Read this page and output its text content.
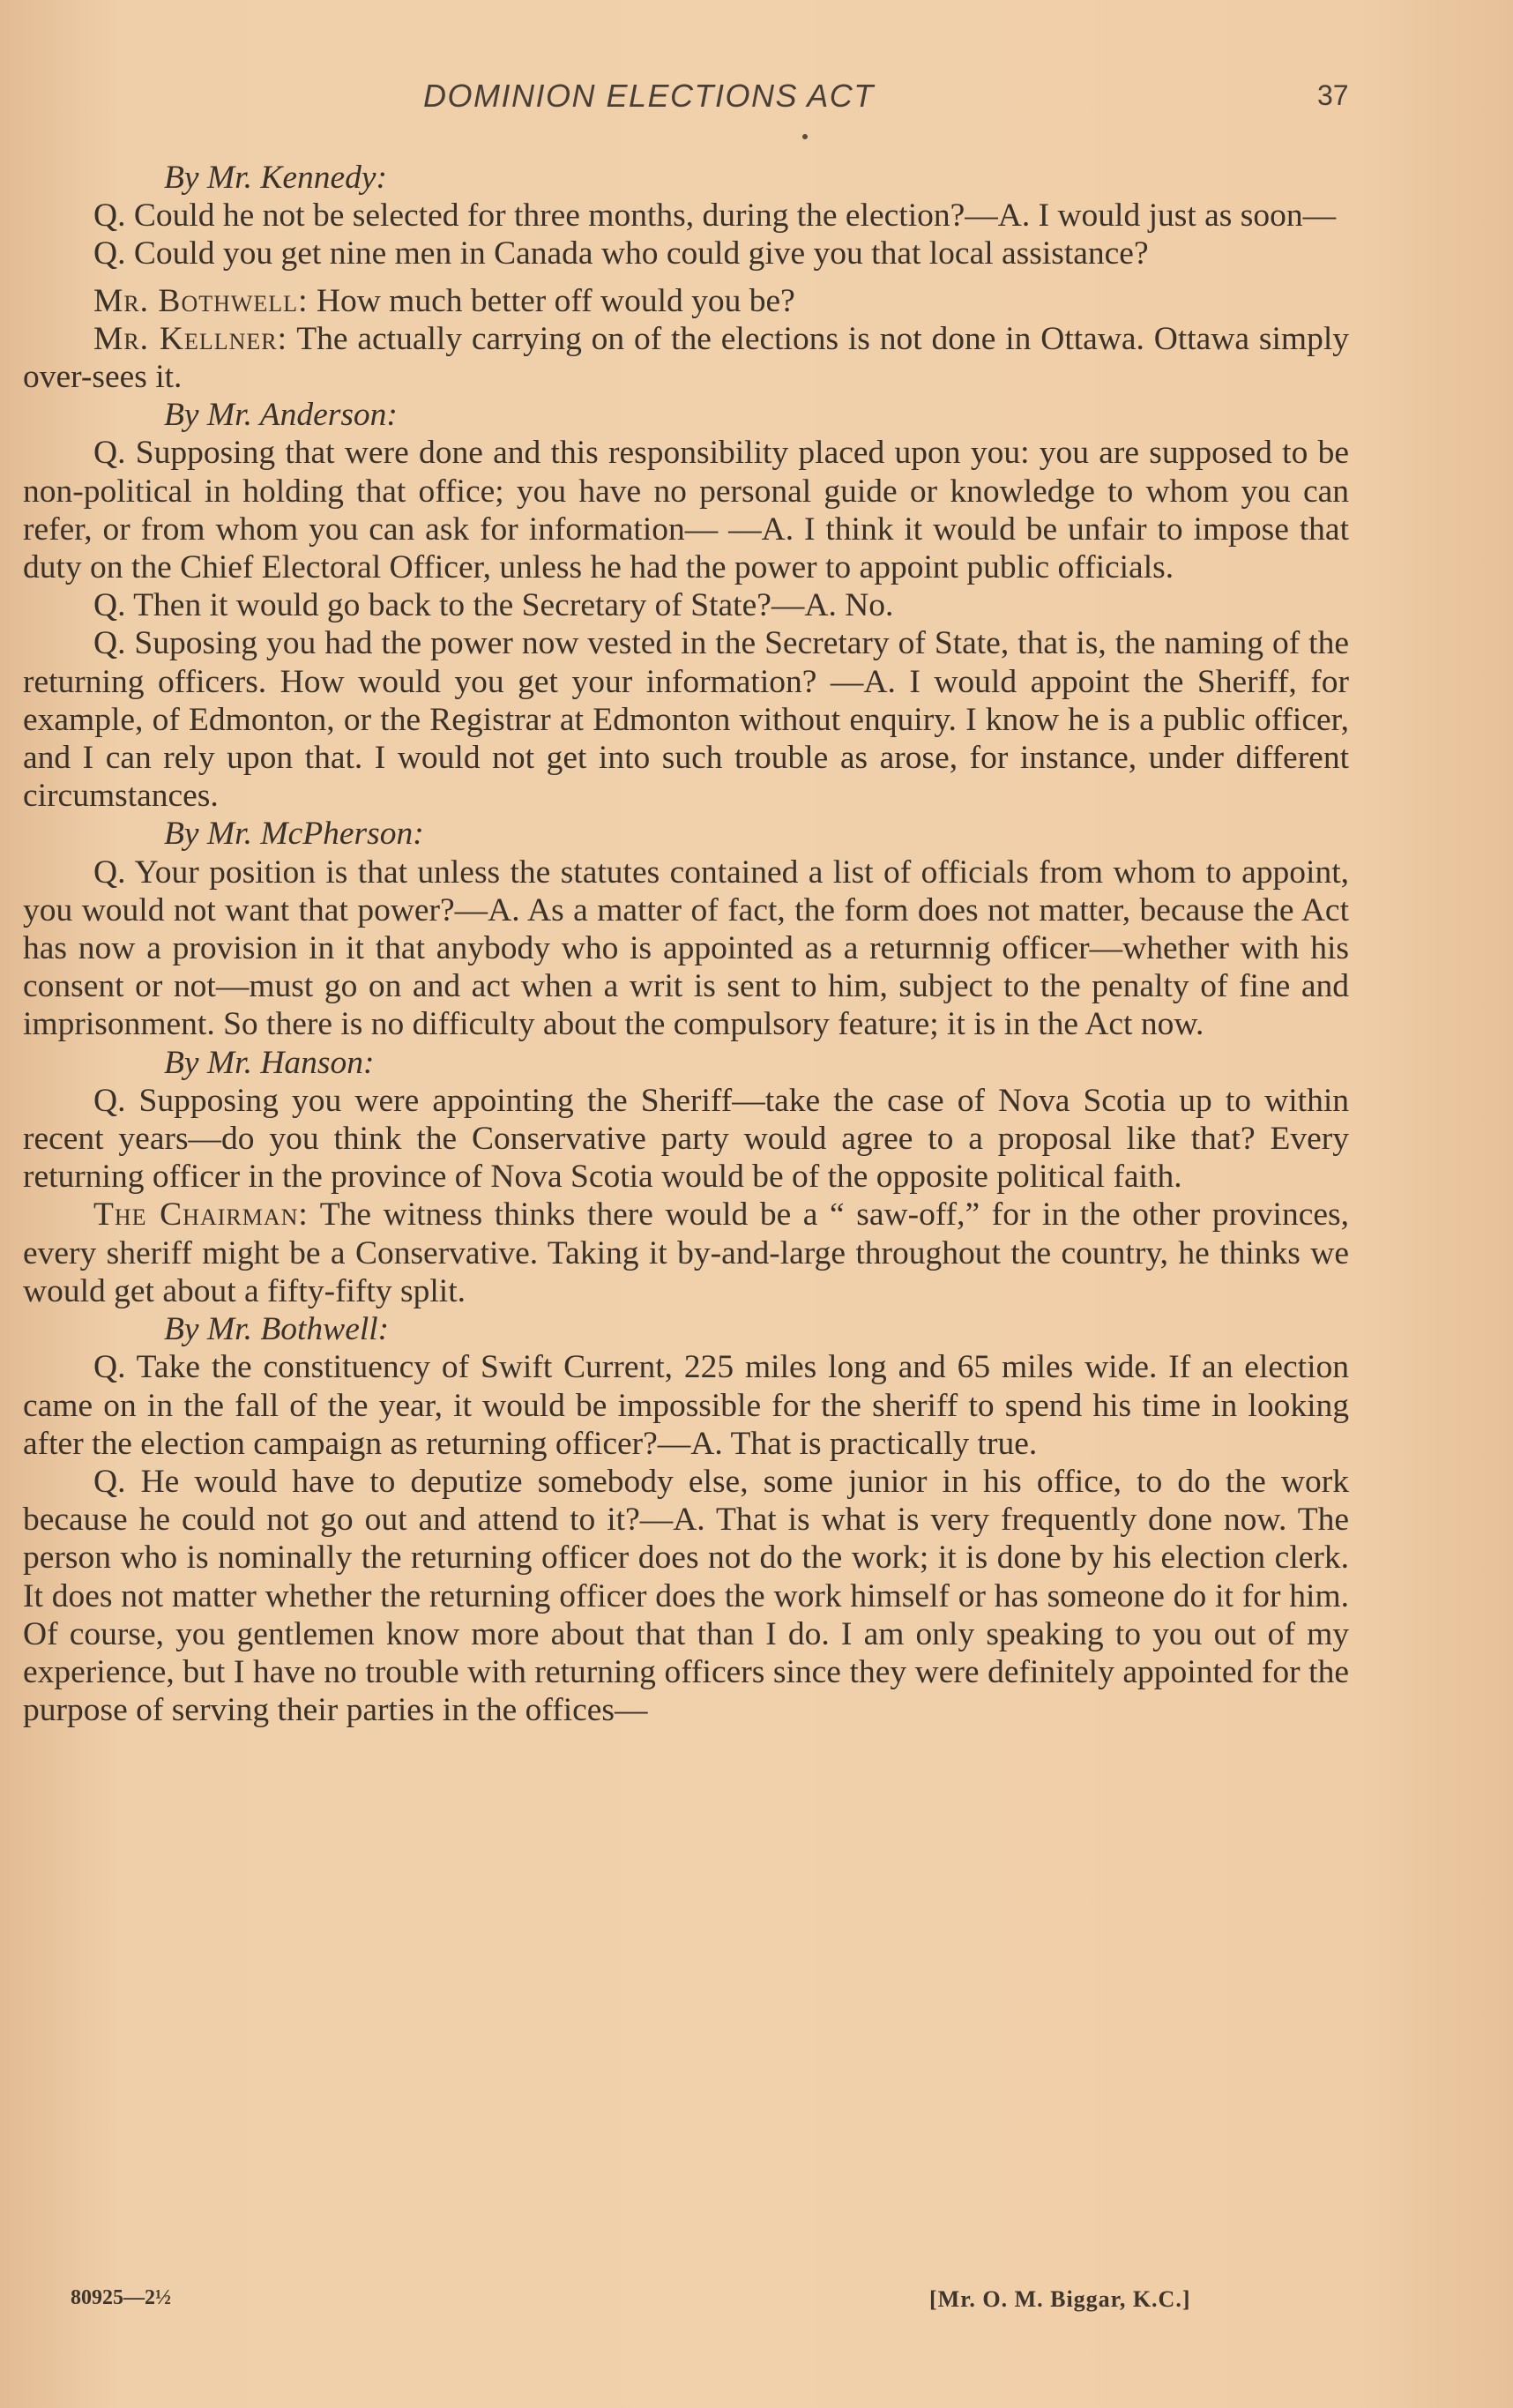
DOMINION ELECTIONS ACT	37

By Mr. Kennedy:

Q. Could he not be selected for three months, during the election?—A. I would just as soon—

Q. Could you get nine men in Canada who could give you that local assistance?

Mr. Bothwell: How much better off would you be?

Mr. Kellner: The actually carrying on of the elections is not done in Ottawa. Ottawa simply over-sees it.

By Mr. Anderson:

Q. Supposing that were done and this responsibility placed upon you: you are supposed to be non-political in holding that office; you have no personal guide or knowledge to whom you can refer, or from whom you can ask for information— —A. I think it would be unfair to impose that duty on the Chief Electoral Officer, unless he had the power to appoint public officials.

Q. Then it would go back to the Secretary of State?—A. No.

Q. Suposing you had the power now vested in the Secretary of State, that is, the naming of the returning officers. How would you get your information? —A. I would appoint the Sheriff, for example, of Edmonton, or the Registrar at Edmonton without enquiry. I know he is a public officer, and I can rely upon that. I would not get into such trouble as arose, for instance, under different circumstances.

By Mr. McPherson:

Q. Your position is that unless the statutes contained a list of officials from whom to appoint, you would not want that power?—A. As a matter of fact, the form does not matter, because the Act has now a provision in it that anybody who is appointed as a returnnig officer—whether with his consent or not—must go on and act when a writ is sent to him, subject to the penalty of fine and imprisonment. So there is no difficulty about the compulsory feature; it is in the Act now.

By Mr. Hanson:

Q. Supposing you were appointing the Sheriff—take the case of Nova Scotia up to within recent years—do you think the Conservative party would agree to a proposal like that? Every returning officer in the province of Nova Scotia would be of the opposite political faith.

The Chairman: The witness thinks there would be a “ saw-off,” for in the other provinces, every sheriff might be a Conservative. Taking it by-and-large throughout the country, he thinks we would get about a fifty-fifty split.

By Mr. Bothwell:

Q. Take the constituency of Swift Current, 225 miles long and 65 miles wide. If an election came on in the fall of the year, it would be impossible for the sheriff to spend his time in looking after the election campaign as returning officer?—A. That is practically true.

Q. He would have to deputize somebody else, some junior in his office, to do the work because he could not go out and attend to it?—A. That is what is very frequently done now. The person who is nominally the returning officer does not do the work; it is done by his election clerk. It does not matter whether the returning officer does the work himself or has someone do it for him. Of course, you gentlemen know more about that than I do. I am only speaking to you out of my experience, but I have no trouble with returning officers since they were definitely appointed for the purpose of serving their parties in the offices—

80925—2½	[Mr. O. M. Biggar, K.C.]
